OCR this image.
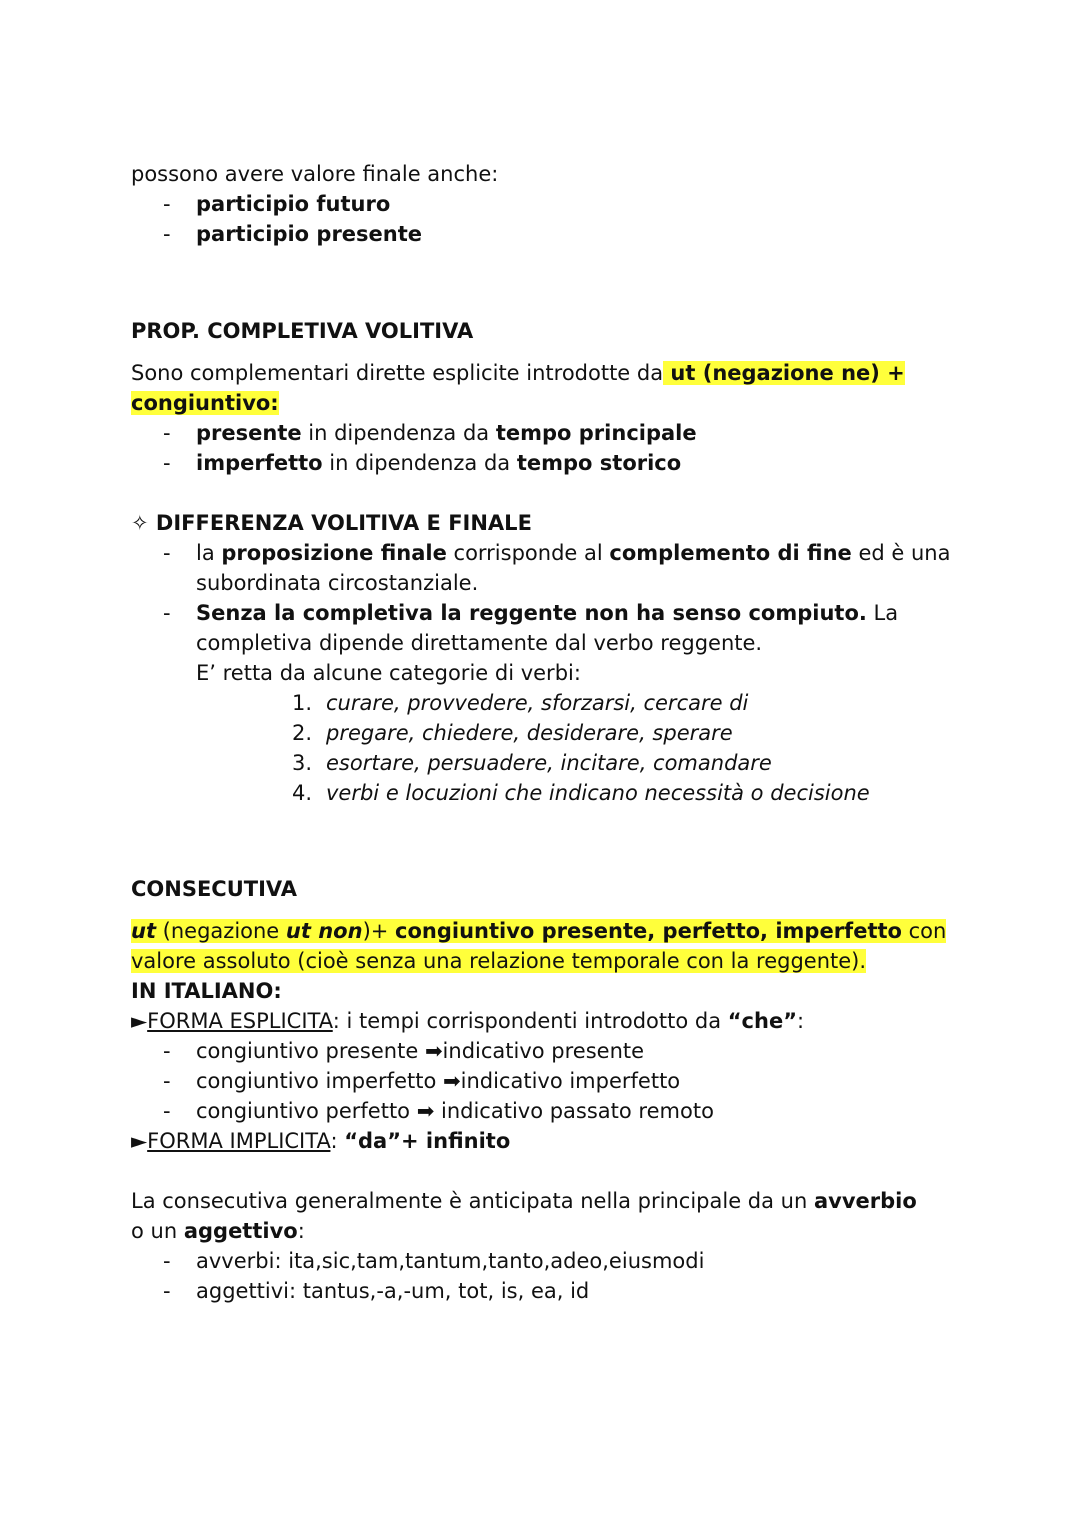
possono avere valore finale anche:
- participio futuro
- participio presente
PROP. COMPLETIVA VOLITIVA
Sono complementari dirette esplicite introdotte da ut (negazione ne) +
congiuntivo:
- presente in dipendenza da tempo principale
- imperfetto in dipendenza da tempo storico
✧ DIFFERENZA VOLITIVA E FINALE
- la proposizione finale corrisponde al complemento di fine ed è una
subordinata circostanziale.
- Senza la completiva la reggente non ha senso compiuto. La
completiva dipende direttamente dal verbo reggente.
E’ retta da alcune categorie di verbi:
1. curare, provvedere, sforzarsi, cercare di
2. pregare, chiedere, desiderare, sperare
3. esortare, persuadere, incitare, comandare
4. verbi e locuzioni che indicano necessità o decisione
CONSECUTIVA
ut (negazione ut non)+ congiuntivo presente, perfetto, imperfetto con
valore assoluto (cioè senza una relazione temporale con la reggente).
IN ITALIANO:
►FORMA ESPLICITA: i tempi corrispondenti introdotto da “che”:
- congiuntivo presente ➡indicativo presente
- congiuntivo imperfetto ➡indicativo imperfetto
- congiuntivo perfetto ➡ indicativo passato remoto
►FORMA IMPLICITA: “da”+ infinito
La consecutiva generalmente è anticipata nella principale da un avverbio
o un aggettivo:
- avverbi: ita,sic,tam,tantum,tanto,adeo,eiusmodi
- aggettivi: tantus,-a,-um, tot, is, ea, id
